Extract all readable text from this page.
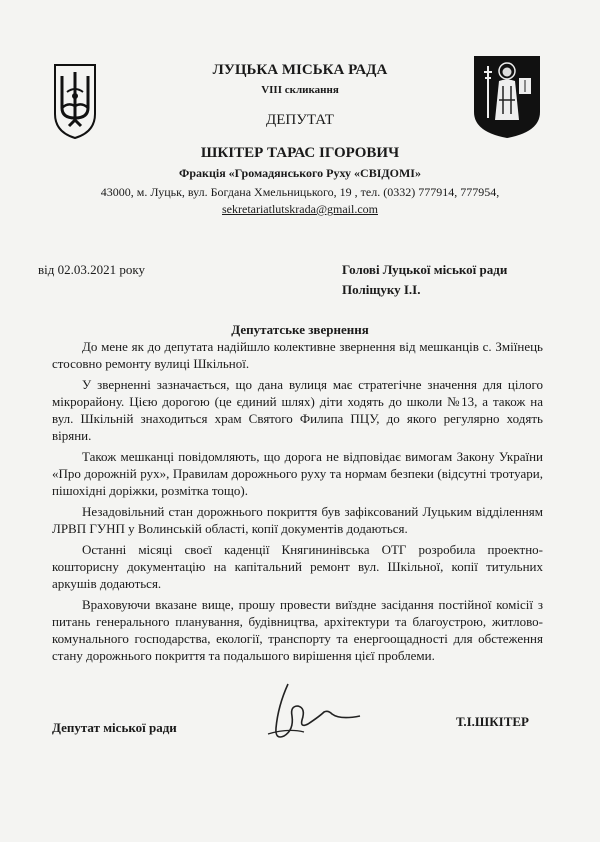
ЛУЦЬКА МІСЬКА РАДА
VIII скликання
ДЕПУТАТ
ШКІТЕР ТАРАС ІГОРОВИЧ
Фракція «Громадянського Руху «СВІДОМІ»
43000, м. Луцьк, вул. Богдана Хмельницького, 19 , тел. (0332) 777914, 777954,
sekretariatlutskrada@gmail.com
від 02.03.2021 року	Голові Луцької міської ради
Поліщуку І.І.
Депутатське звернення

До мене як до депутата надійшло колективне звернення від мешканців с. Зміїнець стосовно ремонту вулиці Шкільної.

У зверненні зазначається, що дана вулиця має стратегічне значення для цілого мікрорайону. Цією дорогою (це єдиний шлях) діти ходять до школи №13, а також на вул. Шкільній знаходиться храм Святого Филипа ПЦУ, до якого регулярно ходять віряни.

Також мешканці повідомляють, що дорога не відповідає вимогам Закону України «Про дорожній рух», Правилам дорожнього руху та нормам безпеки (відсутні тротуари, пішохідні доріжки, розмітка тощо).

Незадовільний стан дорожнього покриття був зафіксований Луцьким відділенням ЛРВП ГУНП у Волинській області, копії документів додаються.

Останні місяці своєї каденції Княгининівська ОТГ розробила проектно-кошторисну документацію на капітальний ремонт вул. Шкільної, копії титульних аркушів додаються.

Враховуючи вказане вище, прошу провести виїздне засідання постійної комісії з питань генерального планування, будівництва, архітектури та благоустрою, житлово-комунального господарства, екології, транспорту та енергоощадності для обстеження стану дорожнього покриття та подальшого вирішення цієї проблеми.

Депутат міської ради	Т.І.ШКІТЕР
